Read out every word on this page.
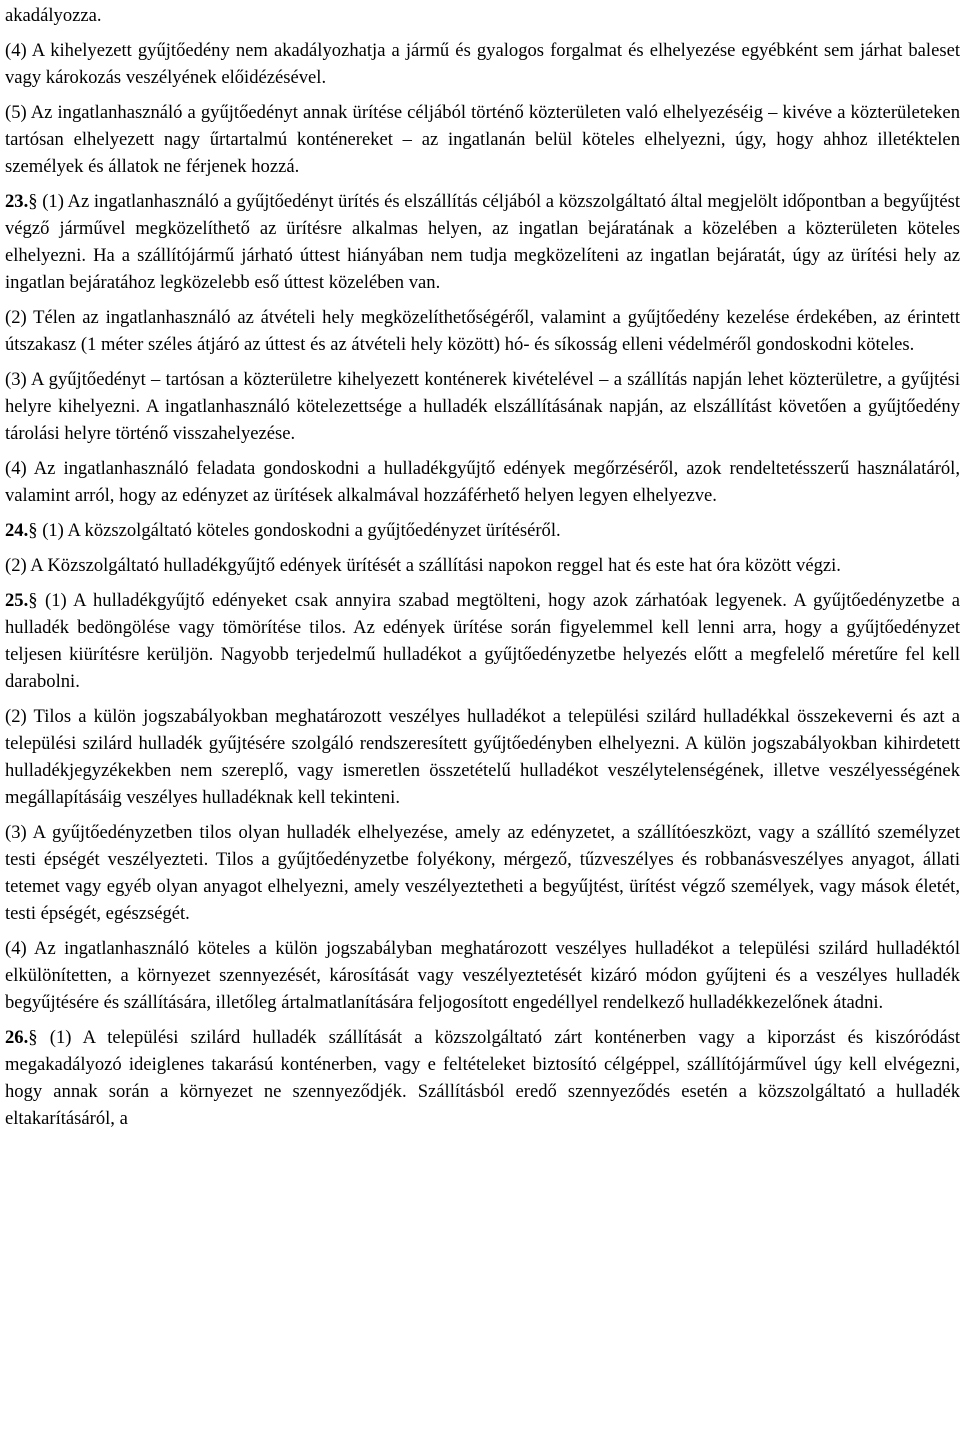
akadályozza.

(4) A kihelyezett gyűjtőedény nem akadályozhatja a jármű és gyalogos forgalmat és elhelyezése egyébként sem járhat baleset vagy károkozás veszélyének előidézésével.

(5) Az ingatlanhasználó a gyűjtőedényt annak ürítése céljából történő közterületen való elhelyezéséig – kivéve a közterületeken tartósan elhelyezett nagy űrtartalmú konténereket – az ingatlanán belül köteles elhelyezni, úgy, hogy ahhoz illetéktelen személyek és állatok ne férjenek hozzá.

23.§ (1) Az ingatlanhasználó a gyűjtőedényt ürítés és elszállítás céljából a közszolgáltató által megjelölt időpontban a begyűjtést végző járművel megközelíthető az ürítésre alkalmas helyen, az ingatlan bejáratának a közelében a közterületen köteles elhelyezni. Ha a szállítójármű járható úttest hiányában nem tudja megközelíteni az ingatlan bejáratát, úgy az ürítési hely az ingatlan bejáratához legközelebb eső úttest közelében van.

(2) Télen az ingatlanhasználó az átvételi hely megközelíthetőségéről, valamint a gyűjtőedény kezelése érdekében, az érintett útszakasz (1 méter széles átjáró az úttest és az átvételi hely között) hó- és síkosság elleni védelméről gondoskodni köteles.

(3) A gyűjtőedényt – tartósan a közterületre kihelyezett konténerek kivételével – a szállítás napján lehet közterületre, a gyűjtési helyre kihelyezni. A ingatlanhasználó kötelezettsége a hulladék elszállításának napján, az elszállítást követően a gyűjtőedény tárolási helyre történő visszahelyezése.

(4) Az ingatlanhasználó feladata gondoskodni a hulladékgyűjtő edények megőrzéséről, azok rendeltetésszerű használatáról, valamint arról, hogy az edényzet az ürítések alkalmával hozzáférhető helyen legyen elhelyezve.

24.§ (1) A közszolgáltató köteles gondoskodni a gyűjtőedényzet ürítéséről.

(2) A Közszolgáltató hulladékgyűjtő edények ürítését a szállítási napokon reggel hat és este hat óra között végzi.

25.§ (1) A hulladékgyűjtő edényeket csak annyira szabad megtölteni, hogy azok zárhatóak legyenek. A gyűjtőedényzetbe a hulladék bedöngölése vagy tömörítése tilos. Az edények ürítése során figyelemmel kell lenni arra, hogy a gyűjtőedényzet teljesen kiürítésre kerüljön. Nagyobb terjedelmű hulladékot a gyűjtőedényzetbe helyezés előtt a megfelelő méretűre fel kell darabolni.

(2) Tilos a külön jogszabályokban meghatározott veszélyes hulladékot a települési szilárd hulladékkal összekeverni és azt a települési szilárd hulladék gyűjtésére szolgáló rendszeresített gyűjtőedényben elhelyezni. A külön jogszabályokban kihirdetett hulladékjegyzékekben nem szereplő, vagy ismeretlen összetételű hulladékot veszélytelenségének, illetve veszélyességének megállapításáig veszélyes hulladéknak kell tekinteni.

(3) A gyűjtőedényzetben tilos olyan hulladék elhelyezése, amely az edényzetet, a szállítóeszközt, vagy a szállító személyzet testi épségét veszélyezteti. Tilos a gyűjtőedényzetbe folyékony, mérgező, tűzveszélyes és robbanásveszélyes anyagot, állati tetemet vagy egyéb olyan anyagot elhelyezni, amely veszélyeztetheti a begyűjtést, ürítést végző személyek, vagy mások életét, testi épségét, egészségét.

(4) Az ingatlanhasználó köteles a külön jogszabályban meghatározott veszélyes hulladékot a települési szilárd hulladéktól elkülönítetten, a környezet szennyezését, károsítását vagy veszélyeztetését kizáró módon gyűjteni és a veszélyes hulladék begyűjtésére és szállítására, illetőleg ártalmatlanítására feljogosított engedéllyel rendelkező hulladékkezelőnek átadni.

26.§ (1) A települési szilárd hulladék szállítását a közszolgáltató zárt konténerben vagy a kiporzást és kiszóródást megakadályozó ideiglenes takarású konténerben, vagy e feltételeket biztosító célgéppel, szállítójárművel úgy kell elvégezni, hogy annak során a környezet ne szennyeződjék. Szállításból eredő szennyeződés esetén a közszolgáltató a hulladék eltakarításáról, a
